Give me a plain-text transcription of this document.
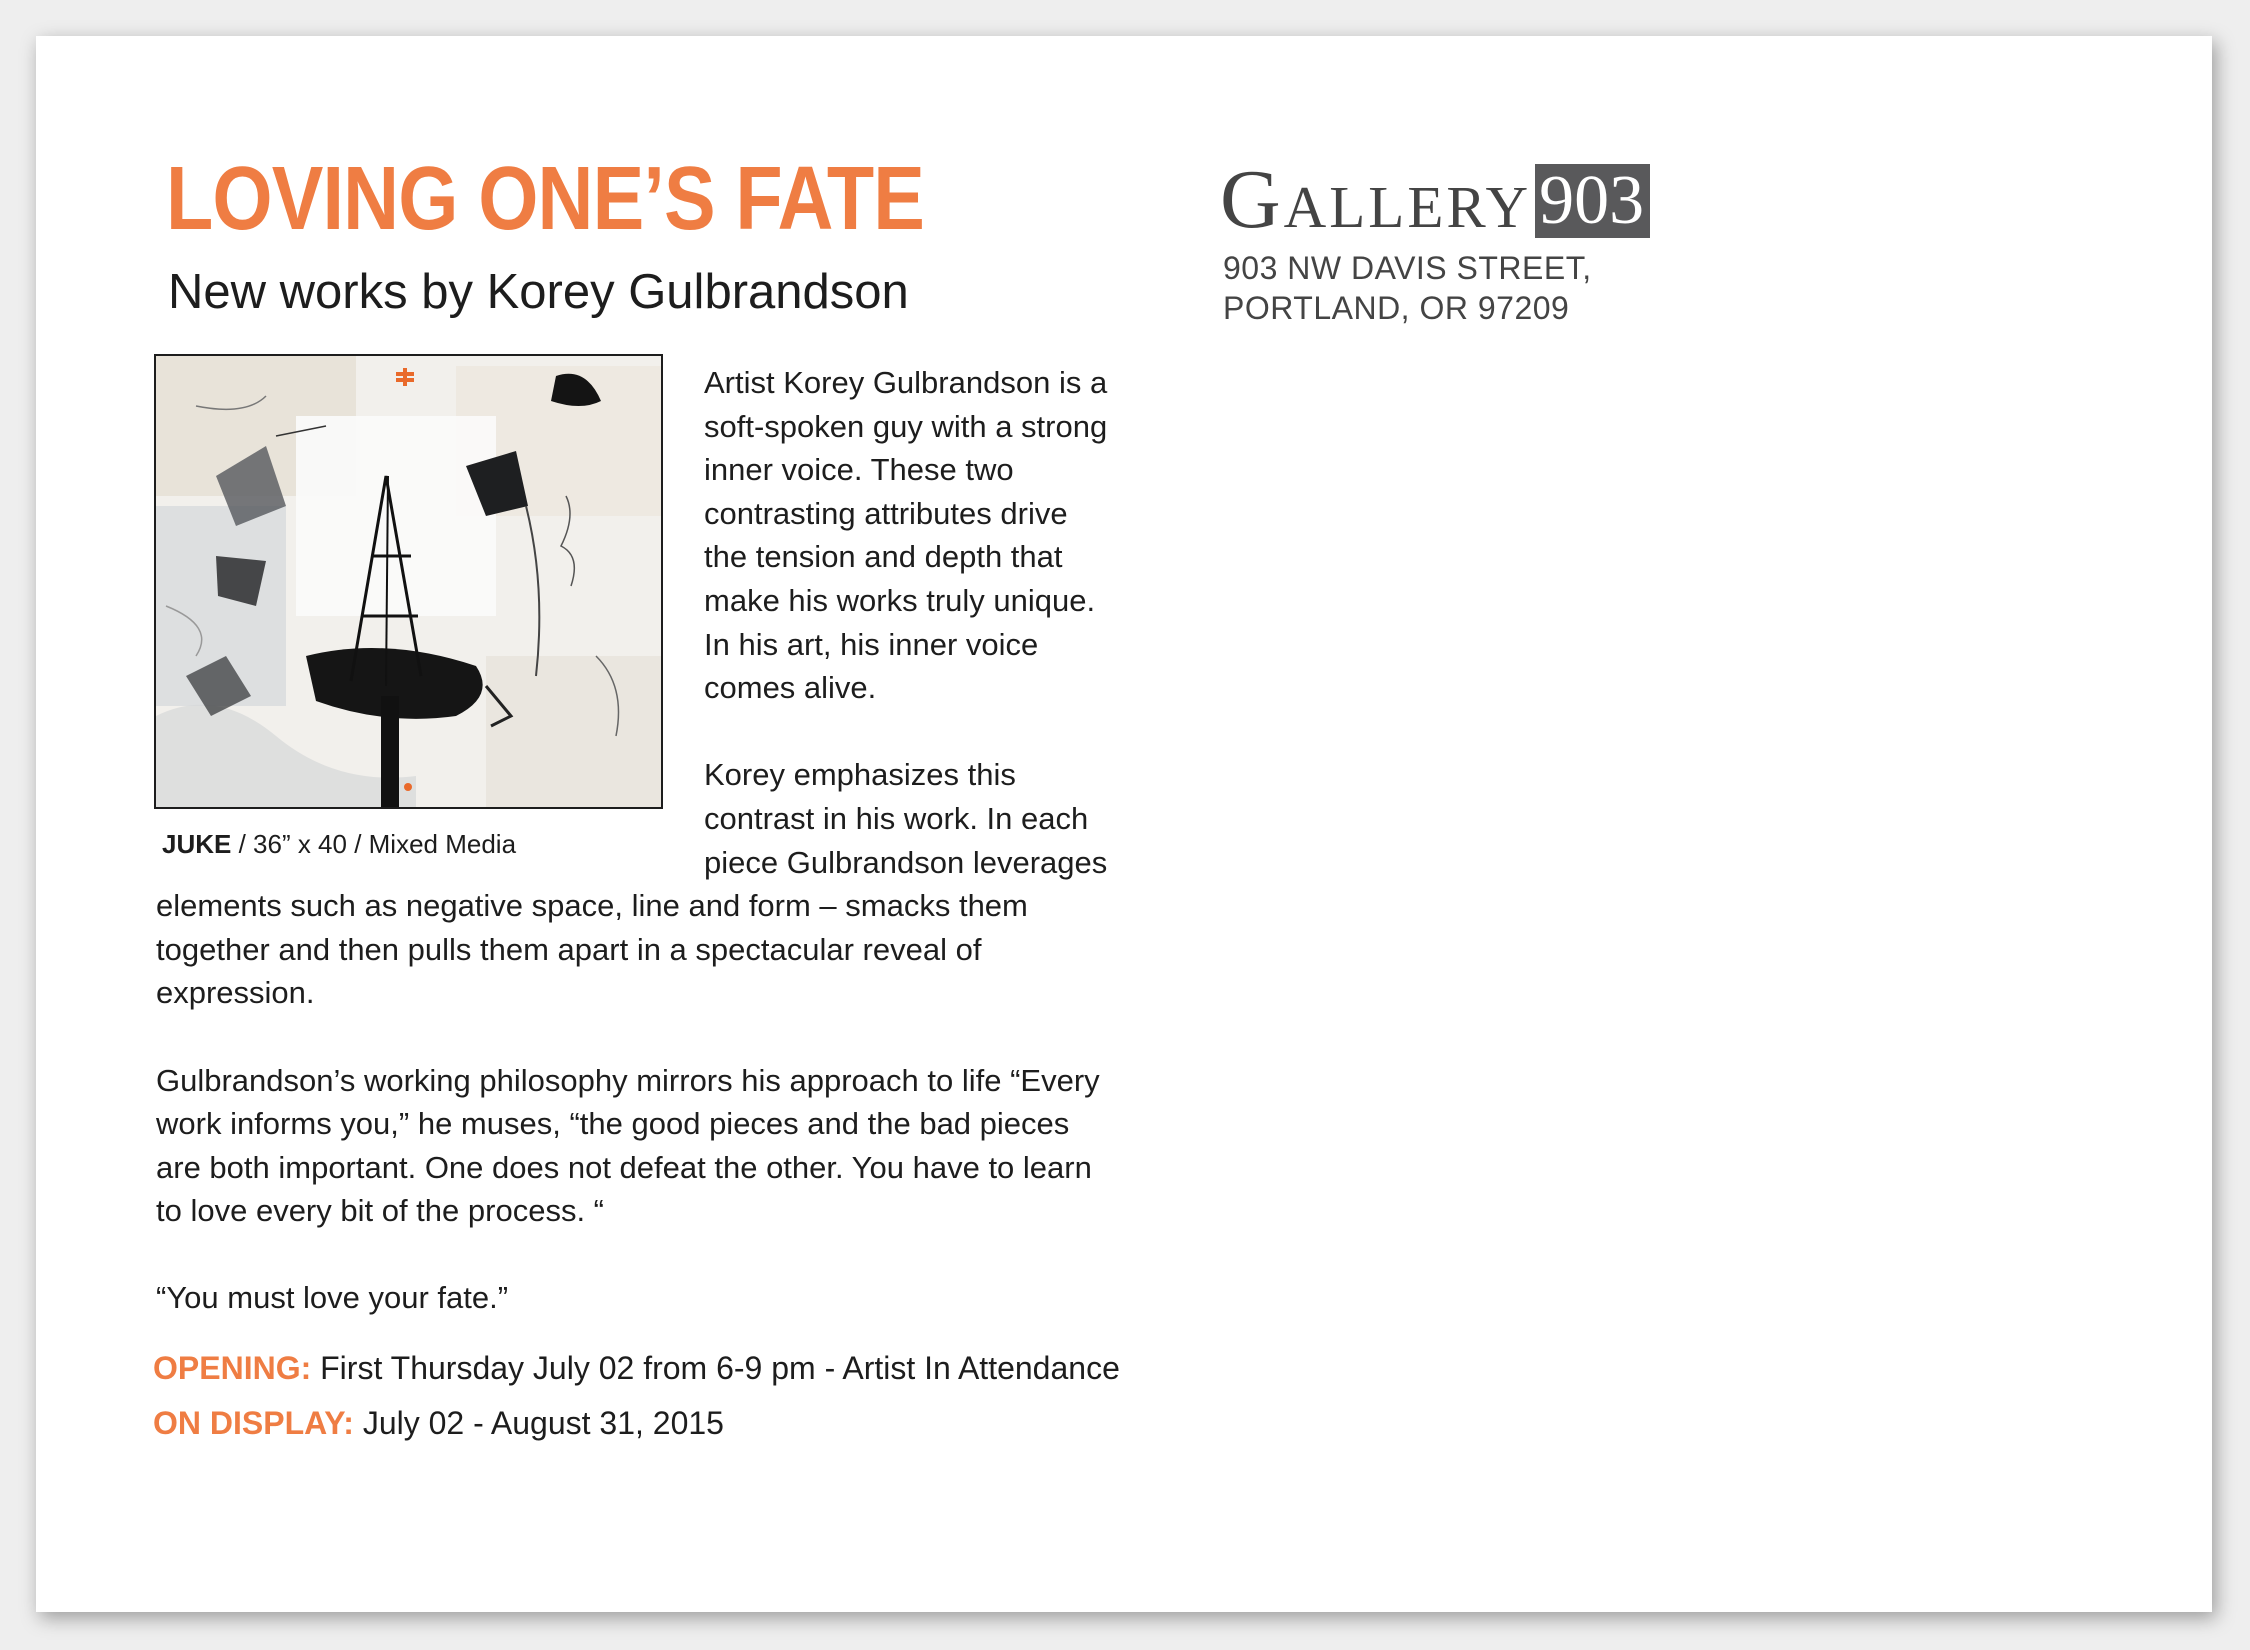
LOVING ONE’S FATE
New works by Korey Gulbrandson
JUKE / 36” x 40 / Mixed Media

Artist Korey Gulbrandson is a soft-spoken guy with a strong inner voice. These two contrasting attributes drive the tension and depth that make his works truly unique. In his art, his inner voice comes alive.

Korey emphasizes this contrast in his work. In each piece Gulbrandson leverages elements such as negative space, line and form – smacks them together and then pulls them apart in a spectacular reveal of expression.

Gulbrandson’s working philosophy mirrors his approach to life “Every work informs you,” he muses, “the good pieces and the bad pieces are both important. One does not defeat the other. You have to learn to love every bit of the process. “

“You must love your fate.”

OPENING: First Thursday July 02 from 6-9 pm - Artist In Attendance
ON DISPLAY: July 02 - August 31, 2015
Gallery 903
903 NW DAVIS STREET,
PORTLAND, OR 97209
